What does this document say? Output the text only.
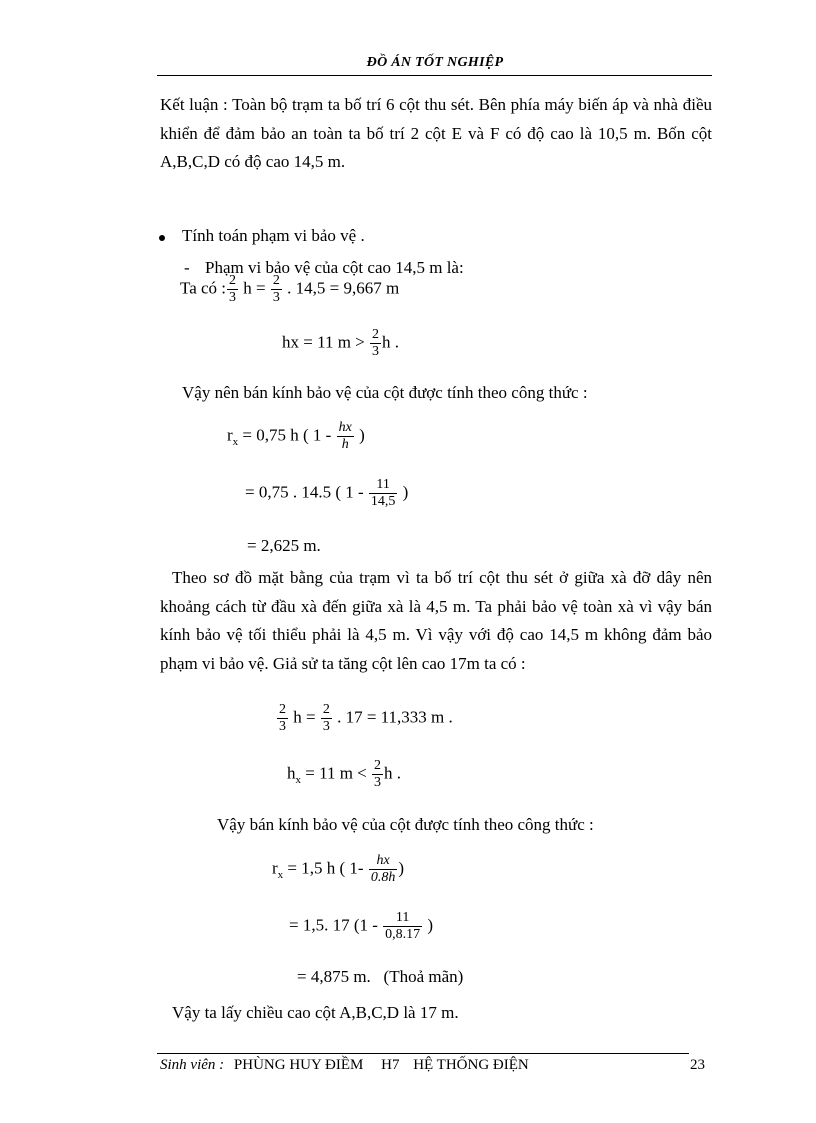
ĐỒ ÁN TỐT NGHIỆP
Kết luận : Toàn bộ trạm ta bố trí 6 cột thu sét. Bên phía máy biến áp và nhà điều khiển để đảm bảo an toàn ta bố trí 2 cột E và F có độ cao là 10,5 m. Bốn cột A,B,C,D có độ cao 14,5 m.
Tính toán phạm vi bảo vệ .
- Phạm vi bảo vệ của cột cao 14,5 m là:
Ta có : $\frac{2}{3}$ $h = \frac{2}{3}$ . 14,5 = 9,667 m
hx = 11 $m > \frac{2}{3}$ h .
Vậy nên bán kính bảo vệ của cột được tính theo công thức :
$r_x = 0,75$ h ( $1 - \frac{hx}{h}$ )
= 0,75 . 14.5 ( $1 - \frac{11}{14,5}$ )
= 2,625 m.
Theo sơ đồ mặt bằng của trạm vì ta bố trí cột thu sét ở giữa xà đỡ dây nên khoảng cách từ đầu xà đến giữa xà là 4,5 m. Ta phải bảo vệ toàn xà vì vậy bán kính bảo vệ tối thiểu phải là 4,5 m. Vì vậy với độ cao 14,5 m không đảm bảo phạm vi bảo vệ. Giả sử ta tăng cột lên cao 17m ta có :
$\frac{2}{3}$ $h = \frac{2}{3}$ . 17 = 11,333 m .
$h_x = 11$ $m < \frac{2}{3}$ h .
Vậy bán kính bảo vệ của cột được tính theo công thức :
$r_x = 1,5$ h ( $1- \frac{hx}{0.8h}$ )
= 1,5. 17 ($1 - \frac{11}{0,8.17}$ )
= 4,875 m.   (Thoả mãn)
Vậy ta lấy chiều cao cột A,B,C,D là 17 m.
Sinh viên : PHÙNG HUY ĐIỀM H7 HỆ THỐNG ĐIỆN	23
